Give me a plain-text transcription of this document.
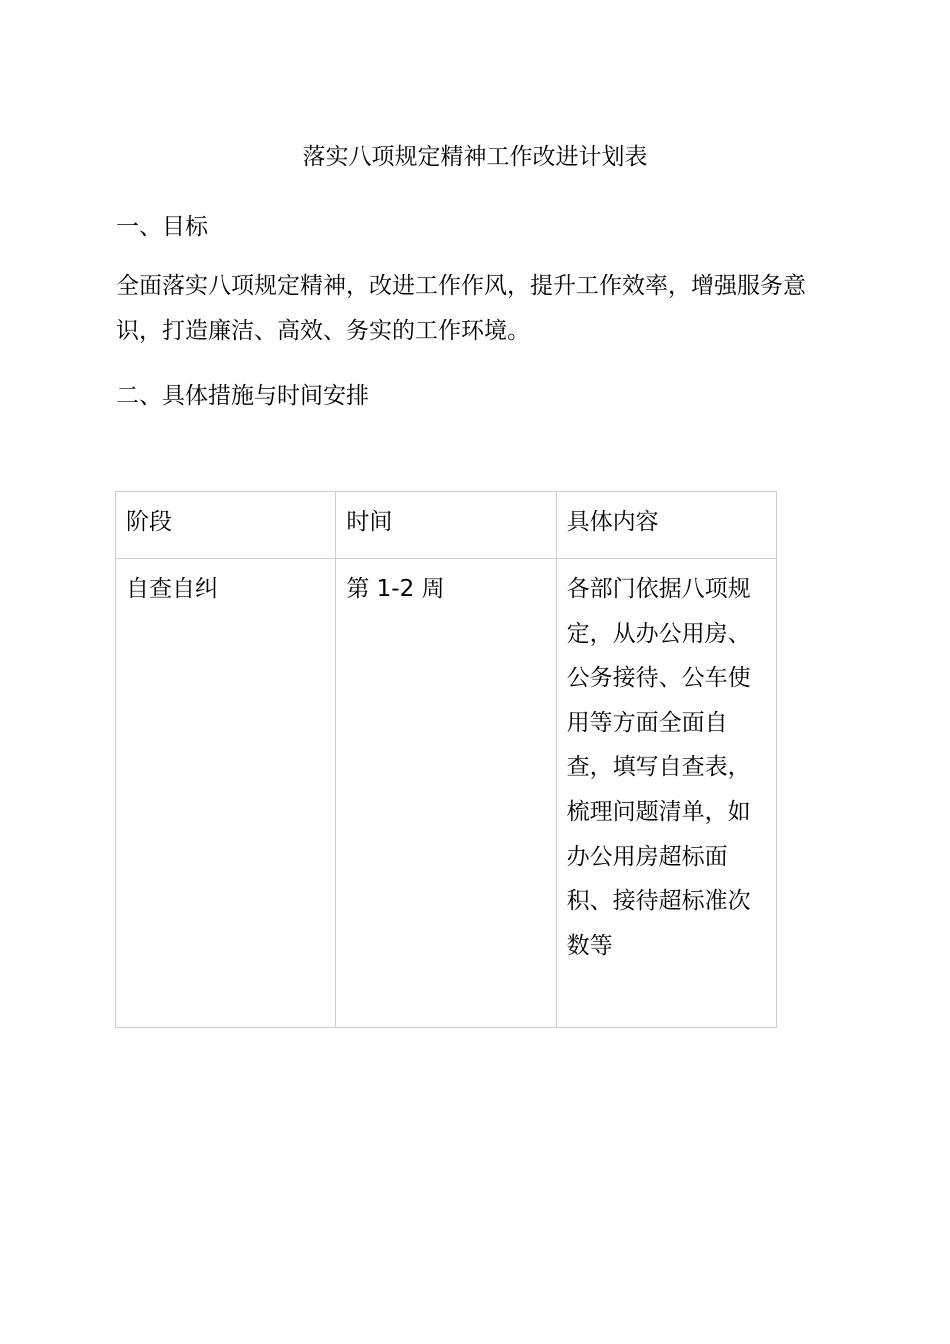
落实八项规定精神工作改进计划表
一、目标

全面落实八项规定精神，改进工作作风，提升工作效率，增强服务意识，打造廉洁、高效、务实的工作环境。

二、具体措施与时间安排
阶段	时间	具体内容
自查自纠	第 1-2 周	各部门依据八项规定，从办公用房、公务接待、公车使用等方面全面自查，填写自查表，梳理问题清单，如办公用房超标面积、接待超标准次数等
